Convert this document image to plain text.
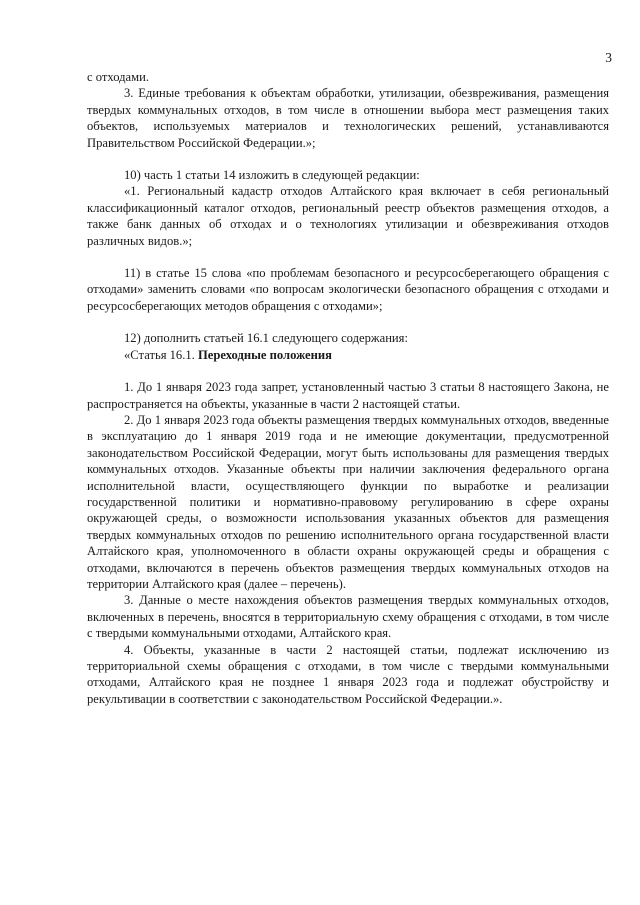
3

с отходами.

3. Единые требования к объектам обработки, утилизации, обезвреживания, размещения твердых коммунальных отходов, в том числе в отношении выбора мест размещения таких объектов, используемых материалов и технологических решений, устанавливаются Правительством Российской Федерации.»;

10) часть 1 статьи 14 изложить в следующей редакции:

«1. Региональный кадастр отходов Алтайского края включает в себя региональный классификационный каталог отходов, региональный реестр объектов размещения отходов, а также банк данных об отходах и о технологиях утилизации и обезвреживания отходов различных видов.»;

11) в статье 15 слова «по проблемам безопасного и ресурсосберегающего обращения с отходами» заменить словами «по вопросам экологически безопасного обращения с отходами и ресурсосберегающих методов обращения с отходами»;

12) дополнить статьей 16.1 следующего содержания:

«Статья 16.1. Переходные положения

1. До 1 января 2023 года запрет, установленный частью 3 статьи 8 настоящего Закона, не распространяется на объекты, указанные в части 2 настоящей статьи.

2. До 1 января 2023 года объекты размещения твердых коммунальных отходов, введенные в эксплуатацию до 1 января 2019 года и не имеющие документации, предусмотренной законодательством Российской Федерации, могут быть использованы для размещения твердых коммунальных отходов. Указанные объекты при наличии заключения федерального органа исполнительной власти, осуществляющего функции по выработке и реализации государственной политики и нормативно-правовому регулированию в сфере охраны окружающей среды, о возможности использования указанных объектов для размещения твердых коммунальных отходов по решению исполнительного органа государственной власти Алтайского края, уполномоченного в области охраны окружающей среды и обращения с отходами, включаются в перечень объектов размещения твердых коммунальных отходов на территории Алтайского края (далее – перечень).

3. Данные о месте нахождения объектов размещения твердых коммунальных отходов, включенных в перечень, вносятся в территориальную схему обращения с отходами, в том числе с твердыми коммунальными отходами, Алтайского края.

4. Объекты, указанные в части 2 настоящей статьи, подлежат исключению из территориальной схемы обращения с отходами, в том числе с твердыми коммунальными отходами, Алтайского края не позднее 1 января 2023 года и подлежат обустройству и рекультивации в соответствии с законодательством Российской Федерации.».
